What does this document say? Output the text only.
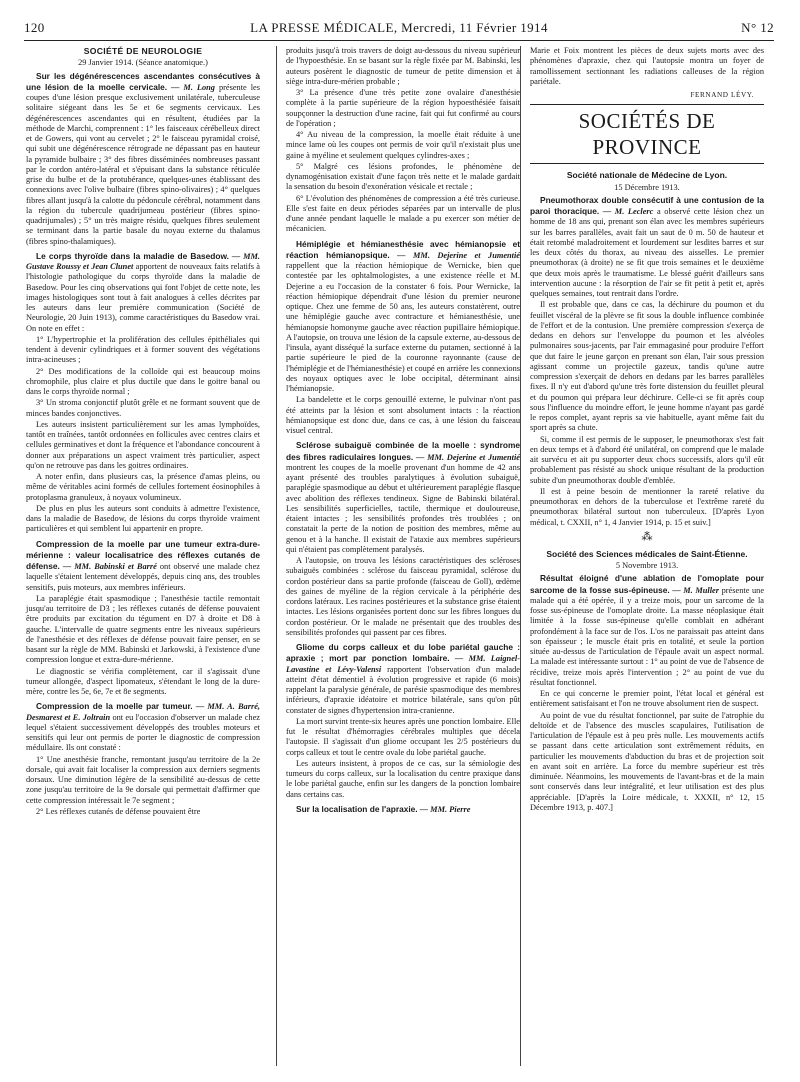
120	LA PRESSE MÉDICALE, Mercredi, 11 Février 1914	N° 12
SOCIÉTÉ DE NEUROLOGIE
29 Janvier 1914. (Séance anatomique.)

Sur les dégénérescences ascendantes consécutives à une lésion de la moelle cervicale. — M. Long présente les coupes d'une lésion presque exclusivement unilatérale, tuberculeuse solitaire siégeant dans les 5e et 6e segments cervicaux. Les dégénérescences ascendantes qui en résultent, étudiées par la méthode de Marchi, comprennent : 1° les faisceaux cérébelleux direct et de Gowers, qui vont au cervelet ; 2° le faisceau pyramidal croisé, qui subit une dégénérescence rétrograde ne dépassant pas en hauteur la pyramide bulbaire ; 3° des fibres disséminées nombreuses passant par le cordon antéro-latéral et s'épuisant dans la substance réticulée grise du bulbe et de la protubérance, quelques-unes établissant des connexions avec l'olive bulbaire (fibres spino-olivaires) ; 4° quelques fibres allant jusqu'à la calotte du pédoncule cérébral, notamment dans la région du tubercule quadrijumeau postérieur (fibres spino-quadrijumales) ; 5° un très maigre résidu, quelques fibres seulement se terminant dans la partie basale du noyau externe du thalamus (fibres spino-thalamiques).

Le corps thyroïde dans la maladie de Basedow. — MM. Gustave Roussy et Jean Clunet apportent de nouveaux faits relatifs à l'histologie pathologique du corps thyroïde dans la maladie de Basedow. Pour les cinq observations qui font l'objet de cette note, les images histologiques sont tout à fait analogues à celles décrites par les auteurs dans leur première communication (Société de Neurologie, 20 Juin 1913), comme caractéristiques du Basedow vrai. On note en effet :

1° L'hypertrophie et la prolifération des cellules épithéliales qui tendent à devenir cylindriques et à former souvent des végétations intra-acineuses ;

2° Des modifications de la colloïde qui est beaucoup moins chromophile, plus claire et plus ductile que dans le goitre banal ou dans le corps thyroïde normal ;

3° Un stroma conjonctif plutôt grêle et ne formant souvent que de minces bandes conjonctives.

Les auteurs insistent particulièrement sur les amas lymphoïdes, tantôt en traînées, tantôt ordonnées en follicules avec centres clairs et cellules germinatives et dont la fréquence et l'abondance concourent à donner aux préparations un aspect vraiment très particulier, aspect qu'on ne retrouve pas dans les goitres ordinaires.

A noter enfin, dans plusieurs cas, la présence d'amas pleins, ou même de véritables acini formés de cellules fortement éosinophiles à protoplasma granuleux, à noyaux volumineux.

De plus en plus les auteurs sont conduits à admettre l'existence, dans la maladie de Basedow, de lésions du corps thyroïde vraiment particulières et qui semblent lui appartenir en propre.

Compression de la moelle par une tumeur extra-dure-mérienne : valeur localisatrice des réflexes cutanés de défense. — MM. Babinski et Barré ont observé une malade chez laquelle s'étaient lentement développés, depuis cinq ans, des troubles sensitifs, puis moteurs, aux membres inférieurs.

La paraplégie était spasmodique ; l'anesthésie tactile remontait jusqu'au territoire de D3 ; les réflexes cutanés de défense pouvaient être produits par excitation du tégument en D7 à droite et D8 à gauche. L'intervalle de quatre segments entre les niveaux supérieurs de l'anesthésie et des réflexes de défense pouvait faire penser, en se basant sur la règle de MM. Babinski et Jarkowski, à l'existence d'une compression longue et extra-dure-mérienne.

Le diagnostic se vérifia complètement, car il s'agissait d'une tumeur allongée, d'aspect lipomateux, s'étendant le long de la dure-mère, contre les 5e, 6e, 7e et 8e segments.

Compression de la moelle par tumeur. — MM. A. Barré, Desmarest et E. Joltrain ont eu l'occasion d'observer un malade chez lequel s'étaient successivement développés des troubles moteurs et sensitifs qui leur ont permis de porter le diagnostic de compression médullaire. Ils ont constaté :

1° Une anesthésie franche, remontant jusqu'au territoire de la 2e dorsale, qui avait fait localiser la compression aux derniers segments dorsaux. Une diminution légère de la sensibilité au-dessus de cette zone jusqu'au territoire de la 9e dorsale qui permettait d'affirmer que cette compression intéressait le 7e segment ;

2° Les réflexes cutanés de défense pouvaient être

produits jusqu'à trois travers de doigt au-dessous du niveau supérieur de l'hypoesthésie. En se basant sur la règle fixée par M. Babinski, les auteurs posèrent le diagnostic de tumeur de petite dimension et à siège intra-dure-mérien probable ;

3° La présence d'une très petite zone ovalaire d'anesthésie complète à la partie supérieure de la région hypoesthésiée faisait soupçonner la destruction d'une racine, fait qui fut confirmé au cours de l'opération ;

4° Au niveau de la compression, la moelle était réduite à une mince lame où les coupes ont permis de voir qu'il n'existait plus une gaine à myéline et seulement quelques cylindres-axes ;

5° Malgré ces lésions profondes, le phénomène de dynamogénisation existait d'une façon très nette et le malade gardait la sensation du besoin d'exonération vésicale et rectale ;

6° L'évolution des phénomènes de compression a été très curieuse. Elle s'est faite en deux périodes séparées par un intervalle de plus d'une année pendant laquelle le malade a pu exercer son métier de mécanicien.

Hémiplégie et hémianesthésie avec hémianopsie et réaction hémianopsique. — MM. Dejerine et Jumentié rappellent que la réaction hémiopique de Wernicke, bien que contestée par les ophtalmologistes, a une existence réelle et M. Dejerine a eu l'occasion de la constater 6 fois. Pour Wernicke, la réaction hémiopique dépendrait d'une lésion du premier neurone optique. Chez une femme de 50 ans, les auteurs constatèrent, outre une hémiplégie gauche avec contracture et hémianesthésie, une hémianopsie homonyme gauche avec réaction pupillaire hémiopique. A l'autopsie, on trouva une lésion de la capsule externe, au-dessous de l'insula, ayant disséqué la surface externe du putamen, sectionné à la partie supérieure le pied de la couronne rayonnante (cause de l'hémiplégie et de l'hémianesthésie) et coupé en arrière les connexions des noyaux optiques avec le lobe occipital, déterminant ainsi l'hémianopsie.

La bandelette et le corps genouillé externe, le pulvinar n'ont pas été atteints par la lésion et sont absolument intacts : la réaction hémianopsique est donc due, dans ce cas, à une lésion du faisceau visuel central.

Sclérose subaiguë combinée de la moelle : syndrome des fibres radiculaires longues. — MM. Dejerine et Jumentié montrent les coupes de la moelle provenant d'un homme de 42 ans ayant présenté des troubles paralytiques à évolution subaiguë, paraplégie spasmodique au début et ultérieurement paraplégie flasque avec abolition des réflexes tendineux. Signe de Babinski bilatéral. Les sensibilités superficielles, tactile, thermique et douloureuse, étaient intactes ; les sensibilités profondes très troublées ; on constatait la perte de la notion de position des membres, même au genou et à la hanche. Il existait de l'ataxie aux membres supérieurs qui n'étaient pas complètement paralysés.

A l'autopsie, on trouva les lésions caractéristiques des scléroses subaiguës combinées : sclérose du faisceau pyramidal, sclérose du cordon postérieur dans sa partie profonde (faisceau de Goll), œdème des gaines de myéline de la région cervicale à la périphérie des cordons latéraux. Les racines postérieures et la substance grise étaient intactes. Les lésions organisées portent donc sur les fibres longues du cordon postérieur. Or le malade ne présentait que des troubles des sensibilités profondes qui passent par ces fibres.

Gliome du corps calleux et du lobe pariétal gauche : apraxie ; mort par ponction lombaire. — MM. Laignel-Lavastine et Lévy-Valensi rapportent l'observation d'un malade atteint d'état démentiel à évolution progressive et rapide (6 mois) rappelant la paralysie générale, de parésie spasmodique des membres inférieurs, d'apraxie idéatoire et motrice bilatérale, sans qu'on pût constater de signes d'hypertension intra-cranienne.

La mort survint trente-six heures après une ponction lombaire. Elle fut le résultat d'hémorragies cérébrales multiples que décela l'autopsie. Il s'agissait d'un gliome occupant les 2/5 postérieurs du corps calleux et tout le centre ovale du lobe pariétal gauche.

Les auteurs insistent, à propos de ce cas, sur la sémiologie des tumeurs du corps calleux, sur la localisation du centre praxique dans le lobe pariétal gauche, enfin sur les dangers de la ponction lombaire dans certains cas.

Sur la localisation de l'apraxie. — MM. Pierre

Marie et Foix montrent les pièces de deux sujets morts avec des phénomènes d'apraxie, chez qui l'autopsie montra un foyer de ramollissement sectionnant les radiations calleuses de la région pariétale.

FERNAND LÉVY.
SOCIÉTÉS DE PROVINCE
Société nationale de Médecine de Lyon.
15 Décembre 1913.

Pneumothorax double consécutif à une contusion de la paroi thoracique. — M. Leclerc a observé cette lésion chez un homme de 18 ans qui, prenant son élan avec les membres supérieurs sur les barres parallèles, avait fait un saut de 0 m. 50 de hauteur et était retombé maladroitement et lourdement sur lesdites barres et sur les deux côtés du thorax, au niveau des aisselles. Le premier pneumothorax (à droite) ne se fit que trois semaines et le deuxième que deux mois après le traumatisme. Le blessé guérit d'ailleurs sans intervention aucune : la résorption de l'air se fit petit à petit et, après quelques semaines, tout rentrait dans l'ordre.

Il est probable que, dans ce cas, la déchirure du poumon et du feuillet viscéral de la plèvre se fit sous la double influence combinée de l'effort et de la contusion. Une première compression s'exerça de dedans en dehors sur l'enveloppe du poumon et les alvéoles pulmonaires sous-jacents, par l'air emmagasiné pour produire l'effort que dut faire le jeune garçon en prenant son élan, l'air sous pression agissant comme un projectile gazeux, tandis qu'une autre compression s'exerçait de dehors en dedans par les barres parallèles fixes. Il n'y eut d'abord qu'une très forte distension du feuillet pleural et du poumon qui prépara leur déchirure. Celle-ci se fit après coup sous l'influence du moindre effort, le jeune homme n'ayant pas gardé le repos complet, ayant repris sa vie habituelle, ayant même fait du sport après sa chute.

Si, comme il est permis de le supposer, le pneumothorax s'est fait en deux temps et à d'abord été unilatéral, on comprend que le malade ait survécu et ait pu supporter deux chocs successifs, alors qu'il eût probablement pas résisté au shock unique résultant de la production subite d'un pneumothorax double d'emblée.

Il est à peine besoin de mentionner la rareté relative du pneumothorax en dehors de la tuberculose et l'extrême rareté du pneumothorax bilatéral surtout non tuberculeux. [D'après Lyon médical, t. CXXII, n° 1, 4 Janvier 1914, p. 15 et suiv.]

⁂
Société des Sciences médicales de Saint-Étienne.
5 Novembre 1913.

Résultat éloigné d'une ablation de l'omoplate pour sarcome de la fosse sus-épineuse. — M. Muller présente une malade qui a été opérée, il y a treize mois, pour un sarcome de la fosse sus-épineuse de l'omoplate droite. La masse néoplasique était limitée à la fosse sus-épineuse qu'elle comblait en adhérant profondément à la face sur de l'os. L'os ne paraissait pas atteint dans son épaisseur ; le muscle était pris en totalité, et seule la portion située au-dessus de l'articulation de l'épaule avait un aspect normal. La malade est intéressante surtout : 1° au point de vue de l'absence de récidive, treize mois après l'intervention ; 2° au point de vue du résultat fonctionnel.

En ce qui concerne le premier point, l'état local et général est entièrement satisfaisant et l'on ne trouve absolument rien de suspect.

Au point de vue du résultat fonctionnel, par suite de l'atrophie du deltoïde et de l'absence des muscles scapulaires, l'utilisation de l'articulation de l'épaule est à peu près nulle. Les mouvements actifs se passant dans cette articulation sont extrêmement réduits, en particulier les mouvements d'abduction du bras et de projection soit en avant soit en arrière. La force du membre supérieur est très diminuée. Néanmoins, les mouvements de l'avant-bras et de la main sont conservés dans leur intégralité, et leur utilisation est des plus appréciable. [D'après la Loire médicale, t. XXXII, n° 12, 15 Décembre 1913, p. 407.]
